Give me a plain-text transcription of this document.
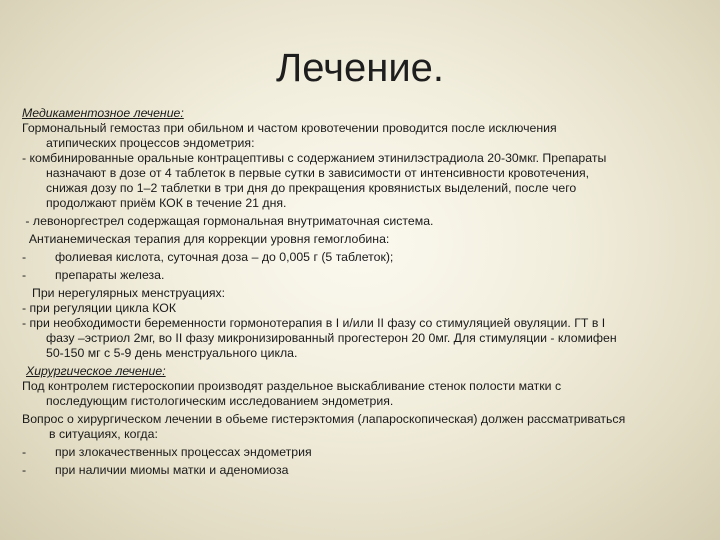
Лечение.
Медикаментозное лечение:
Гормональный гемостаз при обильном и частом кровотечении проводится после исключения
атипических процессов эндометрия:
- комбинированные оральные контрацептивы с содержанием этинилэстрадиола 20-30мкг. Препараты
назначают в дозе от 4 таблеток в первые сутки в зависимости от интенсивности кровотечения,
снижая дозу по 1–2 таблетки в три дня до прекращения кровянистых выделений, после чего
продолжают приём КОК в течение 21 дня.
- левоноргестрел содержащая гормональная внутриматочная система.
Антианемическая терапия для коррекции уровня гемоглобина:
- фолиевая кислота, суточная доза – до 0,005 г (5 таблеток);
- препараты железа.
При нерегулярных менструациях:
- при регуляции цикла КОК
- при необходимости беременности гормонотерапия в I и/или II фазу со стимуляцией овуляции. ГТ в I
фазу –эстриол 2мг, во II фазу микронизированный прогестерон 20 0мг. Для стимуляции - кломифен
50-150 мг с 5-9 день менструального цикла.
Хирургическое лечение:
Под контролем гистероскопии производят раздельное выскабливание стенок полости матки с
последующим гистологическим исследованием эндометрия.
Вопрос о хирургическом лечении в обьеме гистерэктомия (лапароскопическая) должен рассматриваться
в ситуациях, когда:
- при злокачественных процессах эндометрия
- при наличии миомы матки и аденомиоза
